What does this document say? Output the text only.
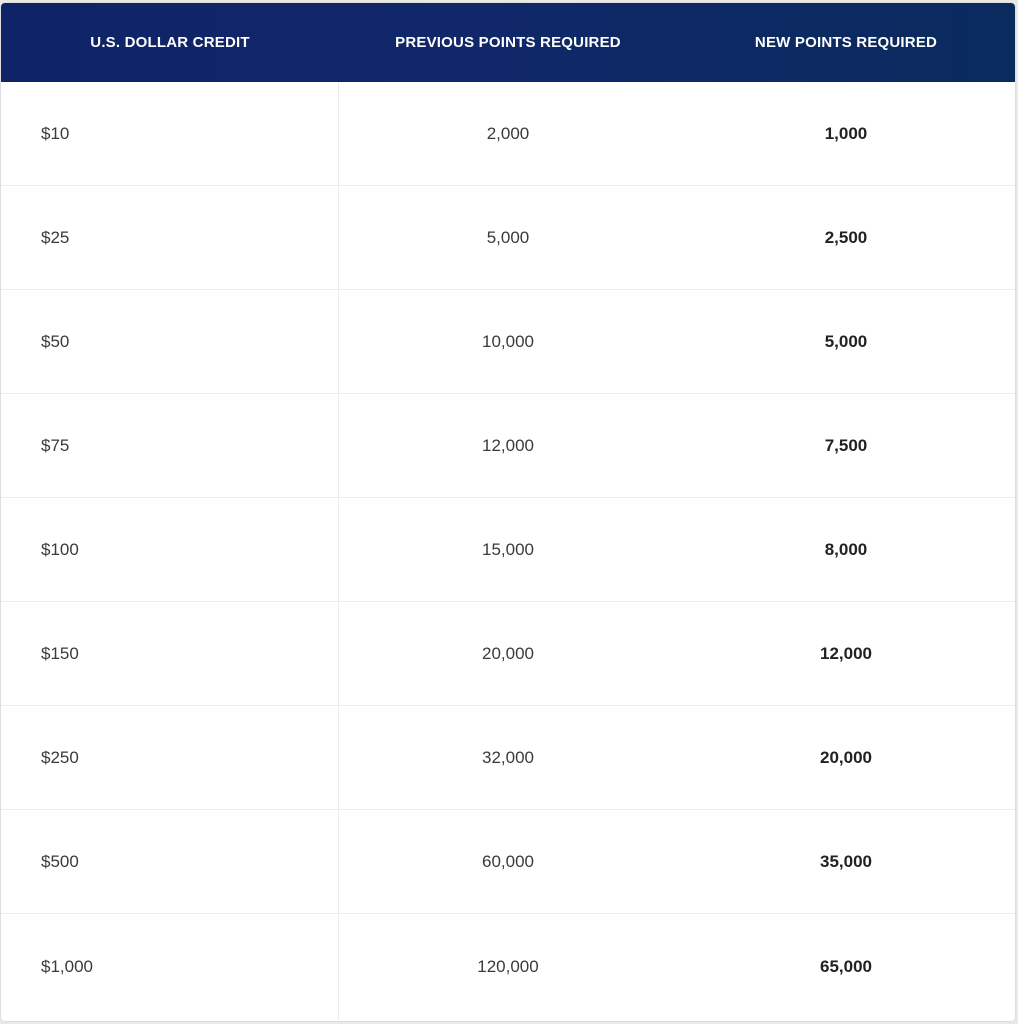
U.S. DOLLAR CREDIT	PREVIOUS POINTS REQUIRED	NEW POINTS REQUIRED
$10	2,000	1,000
$25	5,000	2,500
$50	10,000	5,000
$75	12,000	7,500
$100	15,000	8,000
$150	20,000	12,000
$250	32,000	20,000
$500	60,000	35,000
$1,000	120,000	65,000
